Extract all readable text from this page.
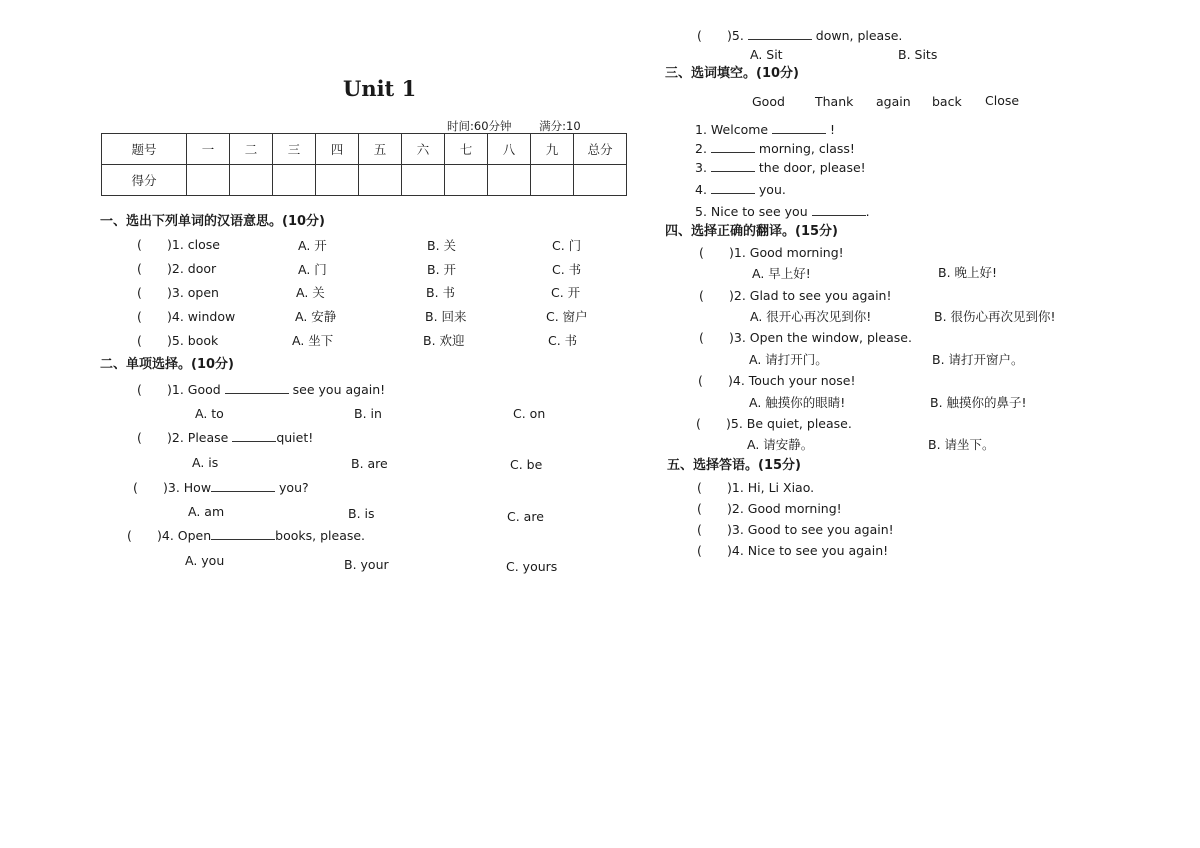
Unit 1
时间:60分钟 满分:10
题号	一	二	三	四	五	六	七	八	九	总分
得分										
一、选出下列单词的汉语意思。(10分)
( )1. close	A. 开	B. 关	C. 门
( )2. door	A. 门	B. 开	C. 书
( )3. open	A. 关	B. 书	C. 开
( )4. window	A. 安静	B. 回来	C. 窗户
( )5. book	A. 坐下	B. 欢迎	C. 书
二、单项选择。(10分)
( )1. Good	see you again!
A. to	B. in	C. on
( )2. Please	quiet!
A. is	B. are	C. be
( )3. How	you?
A. am	B. is	C. are
( )4. Open	books, please.
A. you	B. your	C. yours
( )5.	down, please.
A. Sit	B. Sits
三、选词填空。(10分)
Good Thank again back Close
1. Welcome	!
2.	morning, class!
3.	the door, please!
4.	you.
5. Nice to see you	.
四、选择正确的翻译。(15分)
( )1. Good morning!
A. 早上好!	B. 晚上好!
( )2. Glad to see you again!
A. 很开心再次见到你!	B. 很伤心再次见到你!
( )3. Open the window, please.
A. 请打开门。	B. 请打开窗户。
( )4. Touch your nose!
A. 触摸你的眼睛!	B. 触摸你的鼻子!
( )5. Be quiet, please.
A. 请安静。	B. 请坐下。
五、选择答语。(15分)
( )1. Hi, Li Xiao.
( )2. Good morning!
( )3. Good to see you again!
( )4. Nice to see you again!
